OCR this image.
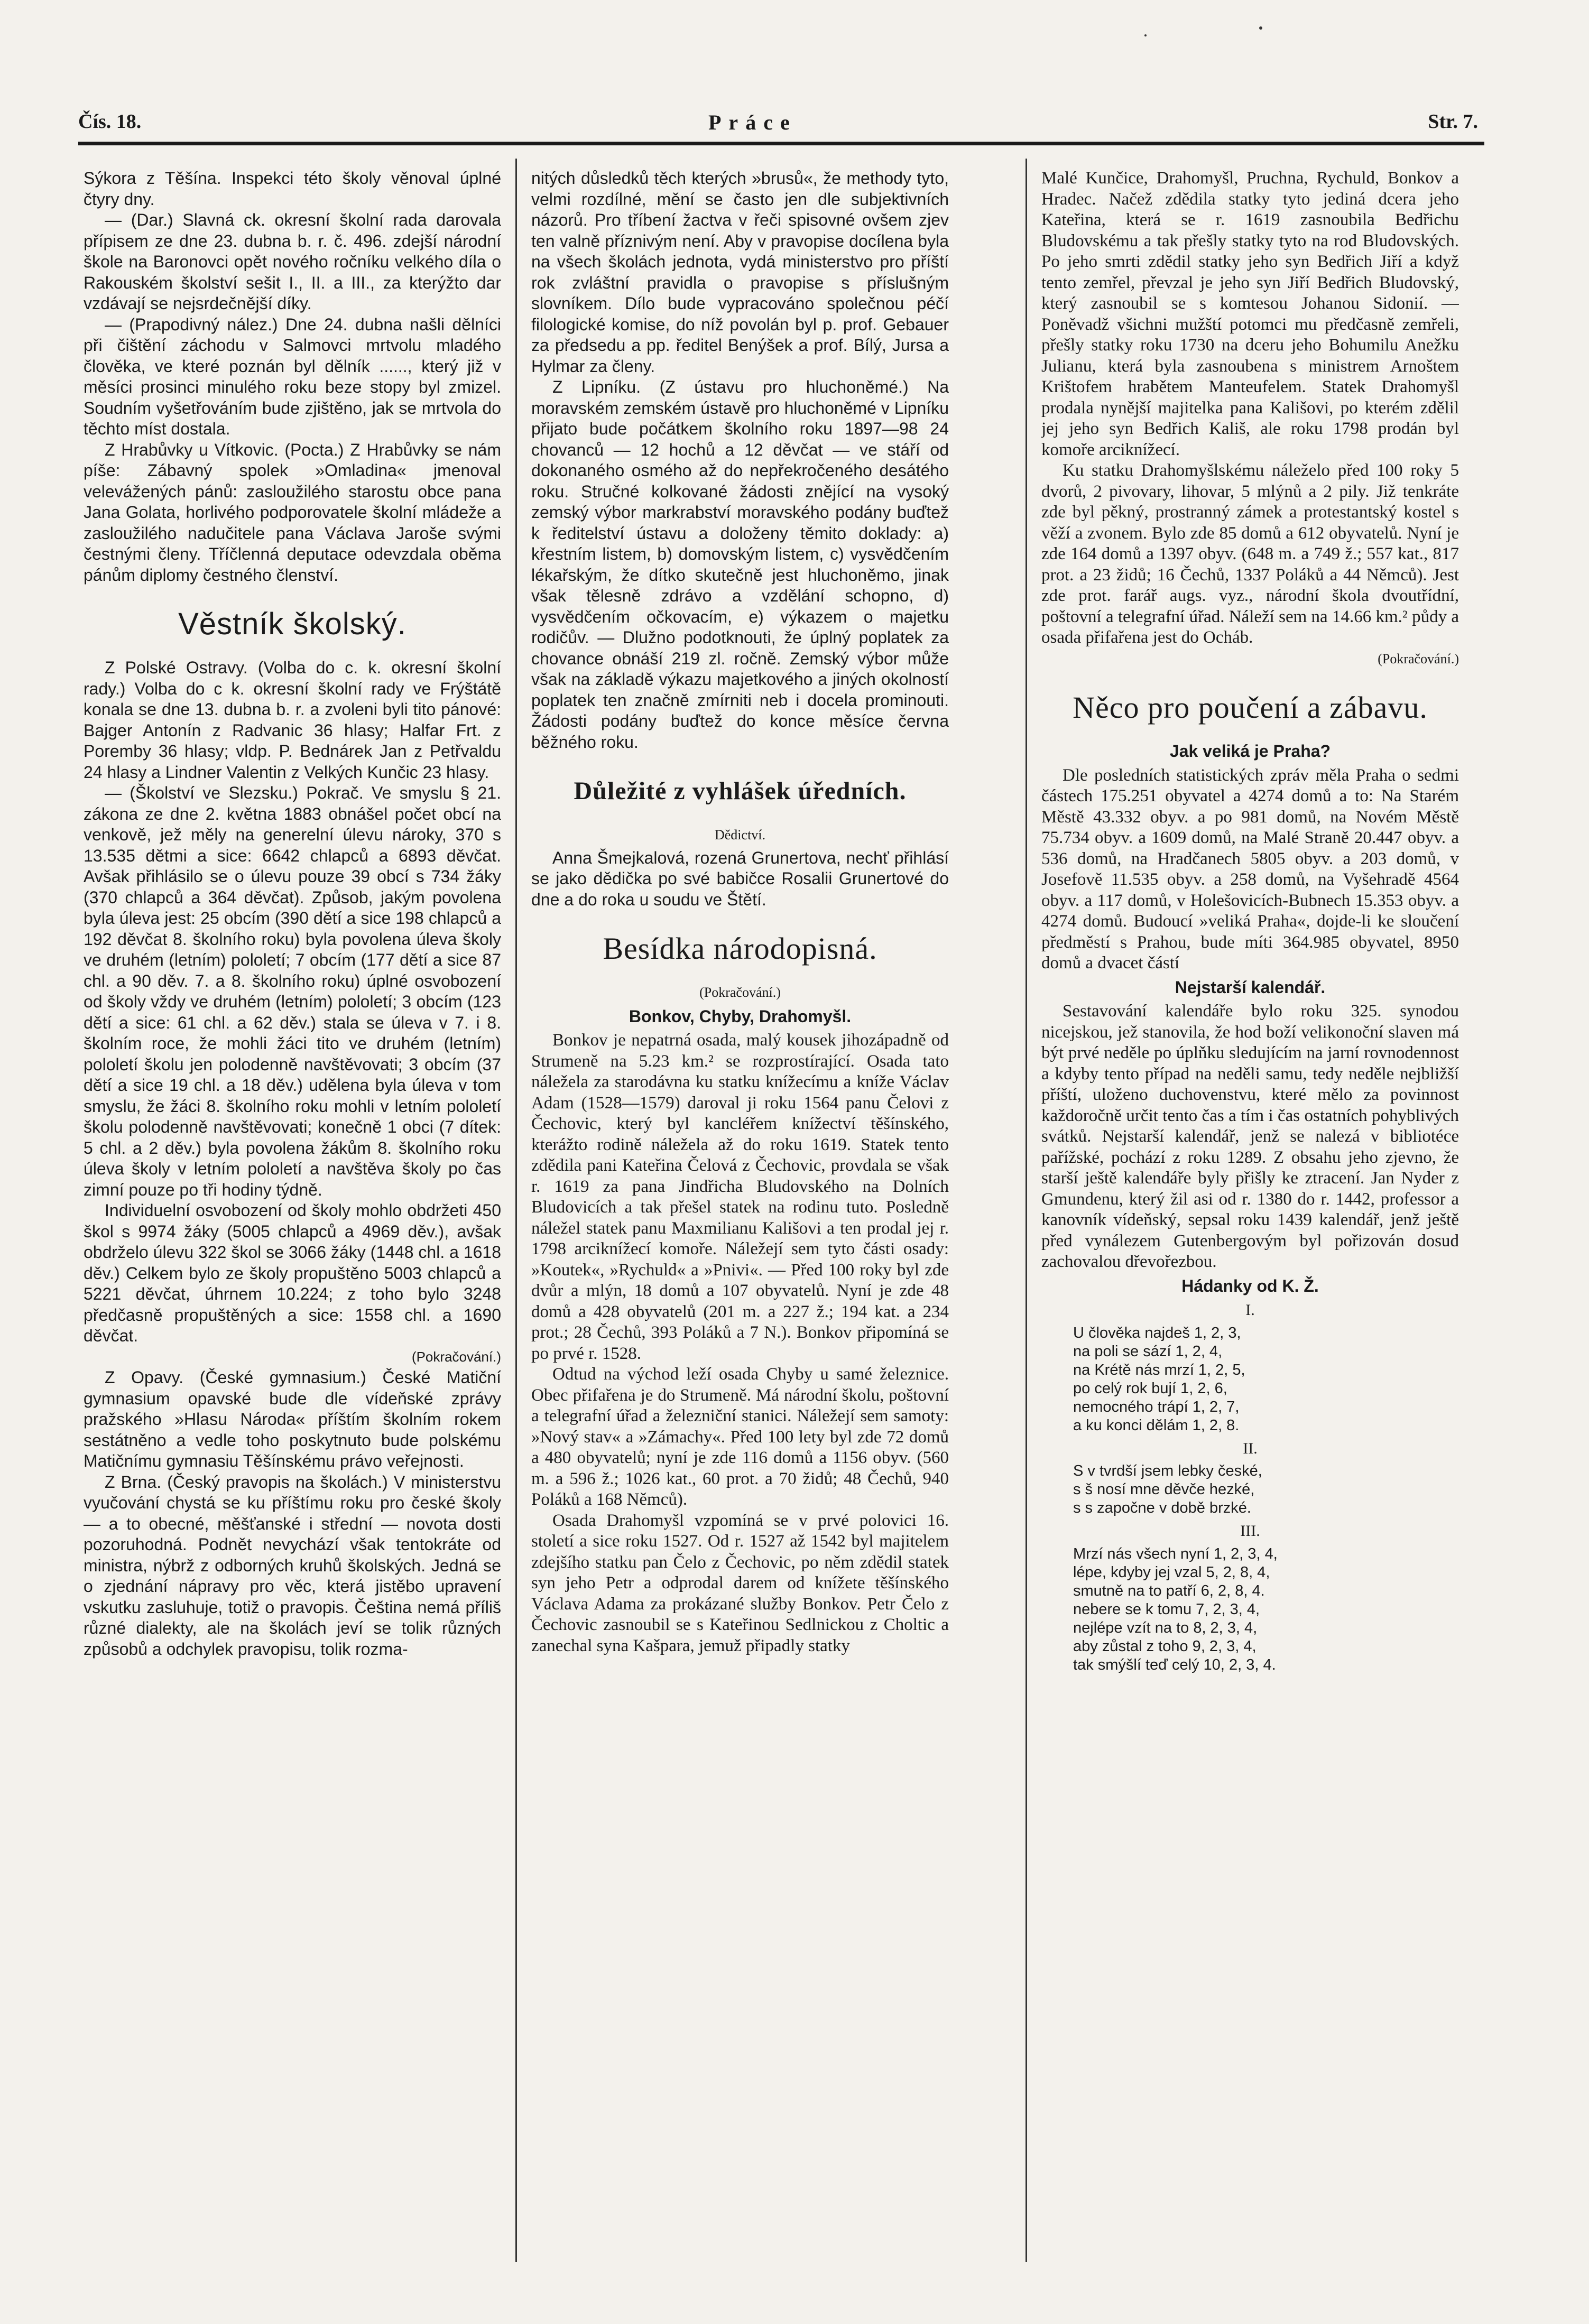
Čís. 18.	Práce	Str. 7.

Sýkora z Těšína. Inspekci této školy věnoval úplné čtyry dny.

— (Dar.) Slavná ck. okresní školní rada darovala přípisem ze dne 23. dubna b. r. č. 496. zdejší národní škole na Baronovci opět nového ročníku velkého díla o Rakouském školství sešit I., II. a III., za kterýžto dar vzdávají se nejsrdečnější díky.

— (Prapodivný nález.) Dne 24. dubna našli dělníci při čištění záchodu v Salmovci mrtvolu mladého člověka, ve které poznán byl dělník ......, který již v měsíci prosinci minulého roku beze stopy byl zmizel. Soudním vyšetřováním bude zjištěno, jak se mrtvola do těchto míst dostala.

Z Hrabůvky u Vítkovic. (Pocta.) Z Hrabůvky se nám píše: Zábavný spolek »Omladina« jmenoval velevážených pánů: zasloužilého starostu obce pana Jana Golata, horlivého podporovatele školní mládeže a zasloužilého nadučitele pana Václava Jaroše svými čestnými členy. Tříčlenná deputace odevzdala oběma pánům diplomy čestného členství.

Věstník školský.

Z Polské Ostravy. (Volba do c. k. okresní školní rady.) Volba do c k. okresní školní rady ve Frýštátě konala se dne 13. dubna b. r. a zvoleni byli tito pánové: Bajger Antonín z Radvanic 36 hlasy; Halfar Frt. z Poremby 36 hlasy; vldp. P. Bednárek Jan z Petřvaldu 24 hlasy a Lindner Valentin z Velkých Kunčic 23 hlasy.

— (Školství ve Slezsku.) Pokrač. Ve smyslu § 21. zákona ze dne 2. května 1883 obnášel počet obcí na venkově, jež měly na generelní úlevu nároky, 370 s 13.535 dětmi a sice: 6642 chlapců a 6893 děvčat. Avšak přihlásilo se o úlevu pouze 39 obcí s 734 žáky (370 chlapců a 364 děvčat). Způsob, jakým povolena byla úleva jest: 25 obcím (390 dětí a sice 198 chlapců a 192 děvčat 8. školního roku) byla povolena úleva školy ve druhém (letním) pololetí; 7 obcím (177 dětí a sice 87 chl. a 90 děv. 7. a 8. školního roku) úplné osvobození od školy vždy ve druhém (letním) pololetí; 3 obcím (123 dětí a sice: 61 chl. a 62 děv.) stala se úleva v 7. i 8. školním roce, že mohli žáci tito ve druhém (letním) pololetí školu jen polodenně navštěvovati; 3 obcím (37 dětí a sice 19 chl. a 18 děv.) udělena byla úleva v tom smyslu, že žáci 8. školního roku mohli v letním pololetí školu polodenně navštěvovati; konečně 1 obci (7 dítek: 5 chl. a 2 děv.) byla povolena žákům 8. školního roku úleva školy v letním pololetí a navštěva školy po čas zimní pouze po tři hodiny týdně.

Individuelní osvobození od školy mohlo obdržeti 450 škol s 9974 žáky (5005 chlapců a 4969 děv.), avšak obdrželo úlevu 322 škol se 3066 žáky (1448 chl. a 1618 děv.) Celkem bylo ze školy propuštěno 5003 chlapců a 5221 děvčat, úhrnem 10.224; z toho bylo 3248 předčasně propuštěných a sice: 1558 chl. a 1690 děvčat.

(Pokračování.)

Z Opavy. (České gymnasium.) České Matiční gymnasium opavské bude dle vídeňské zprávy pražského »Hlasu Národa« příštím školním rokem sestátněno a vedle toho poskytnuto bude polskému Matičnímu gymnasiu Těšínskému právo veřejnosti.

Z Brna. (Český pravopis na školách.) V ministerstvu vyučování chystá se ku příštímu roku pro české školy — a to obecné, měšťanské i střední — novota dosti pozoruhodná. Podnět nevychází však tentokráte od ministra, nýbrž z odborných kruhů školských. Jedná se o zjednání nápravy pro věc, která jistěbo upravení vskutku zasluhuje, totiž o pravopis. Čeština nemá příliš různé dialekty, ale na školách jeví se tolik různých způsobů a odchylek pravopisu, tolik rozma-

nitých důsledků těch kterých »brusů«, že methody tyto, velmi rozdílné, mění se často jen dle subjektivních názorů. Pro tříbení žactva v řeči spisovné ovšem zjev ten valně příznivým není. Aby v pravopise docílena byla na všech školách jednota, vydá ministerstvo pro příští rok zvláštní pravidla o pravopise s příslušným slovníkem. Dílo bude vypracováno společnou péčí filologické komise, do níž povolán byl p. prof. Gebauer za předsedu a pp. ředitel Benýšek a prof. Bílý, Jursa a Hylmar za členy.

Z Lipníku. (Z ústavu pro hluchoněmé.) Na moravském zemském ústavě pro hluchoněmé v Lipníku přijato bude počátkem školního roku 1897—98 24 chovanců — 12 hochů a 12 děvčat — ve stáří od dokonaného osmého až do nepřekročeného desátého roku. Stručné kolkované žádosti znějící na vysoký zemský výbor markrabství moravského podány buďtež k ředitelství ústavu a doloženy těmito doklady: a) křestním listem, b) domovským listem, c) vysvědčením lékařským, že dítko skutečně jest hluchoněmo, jinak však tělesně zdrávo a vzdělání schopno, d) vysvědčením očkovacím, e) výkazem o majetku rodičův. — Dlužno podotknouti, že úplný poplatek za chovance obnáší 219 zl. ročně. Zemský výbor může však na základě výkazu majetkového a jiných okolností poplatek ten značně zmírniti neb i docela prominouti. Žádosti podány buďtež do konce měsíce června běžného roku.

Důležité z vyhlášek úředních.
Dědictví.

Anna Šmejkalová, rozená Grunertova, nechť přihlásí se jako dědička po své babičce Rosalii Grunertové do dne a do roka u soudu ve Štětí.

Besídka národopisná.
(Pokračování.)
Bonkov, Chyby, Drahomyšl.

Bonkov je nepatrná osada, malý kousek jihozápadně od Strumeně na 5.23 km.² se rozprostírající. Osada tato náležela za starodávna ku statku knížecímu a kníže Václav Adam (1528—1579) daroval ji roku 1564 panu Čelovi z Čechovic, který byl kancléřem knížectví těšínského, kterážto rodině náležela až do roku 1619. Statek tento zdědila pani Kateřina Čelová z Čechovic, provdala se však r. 1619 za pana Jindřicha Bludovského na Dolních Bludovicích a tak přešel statek na rodinu tuto. Posledně náležel statek panu Maxmilianu Kališovi a ten prodal jej r. 1798 arciknížecí komoře. Náležejí sem tyto části osady: »Koutek«, »Rychuld« a »Pnivi«. — Před 100 roky byl zde dvůr a mlýn, 18 domů a 107 obyvatelů. Nyní je zde 48 domů a 428 obyvatelů (201 m. a 227 ž.; 194 kat. a 234 prot.; 28 Čechů, 393 Poláků a 7 N.). Bonkov připomíná se po prvé r. 1528.

Odtud na východ leží osada Chyby u samé železnice. Obec přifařena je do Strumeně. Má národní školu, poštovní a telegrafní úřad a železniční stanici. Náležejí sem samoty: »Nový stav« a »Zámachy«. Před 100 lety byl zde 72 domů a 480 obyvatelů; nyní je zde 116 domů a 1156 obyv. (560 m. a 596 ž.; 1026 kat., 60 prot. a 70 židů; 48 Čechů, 940 Poláků a 168 Němců).

Osada Drahomyšl vzpomíná se v prvé polovici 16. století a sice roku 1527. Od r. 1527 až 1542 byl majitelem zdejšího statku pan Čelo z Čechovic, po něm zdědil statek syn jeho Petr a odprodal darem od knížete těšínského Václava Adama za prokázané služby Bonkov. Petr Čelo z Čechovic zasnoubil se s Kateřinou Sedlnickou z Choltic a zanechal syna Kašpara, jemuž připadly statky

Malé Kunčice, Drahomyšl, Pruchna, Rychuld, Bonkov a Hradec. Načež zdědila statky tyto jediná dcera jeho Kateřina, která se r. 1619 zasnoubila Bedřichu Bludovskému a tak přešly statky tyto na rod Bludovských. Po jeho smrti zdědil statky jeho syn Bedřich Jiří a když tento zemřel, převzal je jeho syn Jiří Bedřich Bludovský, který zasnoubil se s komtesou Johanou Sidonií. — Poněvadž všichni mužští potomci mu předčasně zemřeli, přešly statky roku 1730 na dceru jeho Bohumilu Anežku Julianu, která byla zasnoubena s ministrem Arnoštem Krištofem hrabětem Manteufelem. Statek Drahomyšl prodala nynější majitelka pana Kališovi, po kterém zdělil jej jeho syn Bedřich Kališ, ale roku 1798 prodán byl komoře arciknížecí.

Ku statku Drahomyšlskému náleželo před 100 roky 5 dvorů, 2 pivovary, lihovar, 5 mlýnů a 2 pily. Již tenkráte zde byl pěkný, prostranný zámek a protestantský kostel s věží a zvonem. Bylo zde 85 domů a 612 obyvatelů. Nyní je zde 164 domů a 1397 obyv. (648 m. a 749 ž.; 557 kat., 817 prot. a 23 židů; 16 Čechů, 1337 Poláků a 44 Němců). Jest zde prot. farář augs. vyz., národní škola dvoutřídní, poštovní a telegrafní úřad. Náleží sem na 14.66 km.² půdy a osada přifařena jest do Ocháb.

(Pokračování.)
Něco pro poučení a zábavu.
Jak veliká je Praha?

Dle posledních statistických zpráv měla Praha o sedmi částech 175.251 obyvatel a 4274 domů a to: Na Starém Městě 43.332 obyv. a po 981 domů, na Novém Městě 75.734 obyv. a 1609 domů, na Malé Straně 20.447 obyv. a 536 domů, na Hradčanech 5805 obyv. a 203 domů, v Josefově 11.535 obyv. a 258 domů, na Vyšehradě 4564 obyv. a 117 domů, v Holešovicích-Bubnech 15.353 obyv. a 4274 domů. Budoucí »veliká Praha«, dojde-li ke sloučení předměstí s Prahou, bude míti 364.985 obyvatel, 8950 domů a dvacet částí

Nejstarší kalendář.

Sestavování kalendáře bylo roku 325. synodou nicejskou, jež stanovila, že hod boží velikonoční slaven má být prvé neděle po úplňku sledujícím na jarní rovnodennost a kdyby tento případ na neděli samu, tedy neděle nejbližší příští, uloženo duchovenstvu, které mělo za povinnost každoročně určit tento čas a tím i čas ostatních pohyblivých svátků. Nejstarší kalendář, jenž se nalezá v bibliotéce pařížské, pochází z roku 1289. Z obsahu jeho zjevno, že starší ještě kalendáře byly přišly ke ztracení. Jan Nyder z Gmundenu, který žil asi od r. 1380 do r. 1442, professor a kanovník vídeňský, sepsal roku 1439 kalendář, jenž ještě před vynálezem Gutenbergovým byl pořizován dosud zachovalou dřevořezbou.

Hádanky od K. Ž.
I.
U člověka najdeš 1, 2, 3,
na poli se sází 1, 2, 4,
na Krétě nás mrzí 1, 2, 5,
po celý rok bují 1, 2, 6,
nemocného trápí 1, 2, 7,
a ku konci dělám 1, 2, 8.
II.
S v tvrdší jsem lebky české,
s š nosí mne děvče hezké,
s s započne v době brzké.
III.
Mrzí nás všech nyní 1, 2, 3, 4,
lépe, kdyby jej vzal 5, 2, 8, 4,
smutně na to patří 6, 2, 8, 4.
nebere se k tomu 7, 2, 3, 4,
nejlépe vzít na to 8, 2, 3, 4,
aby zůstal z toho 9, 2, 3, 4,
tak smýšlí teď celý 10, 2, 3, 4.
